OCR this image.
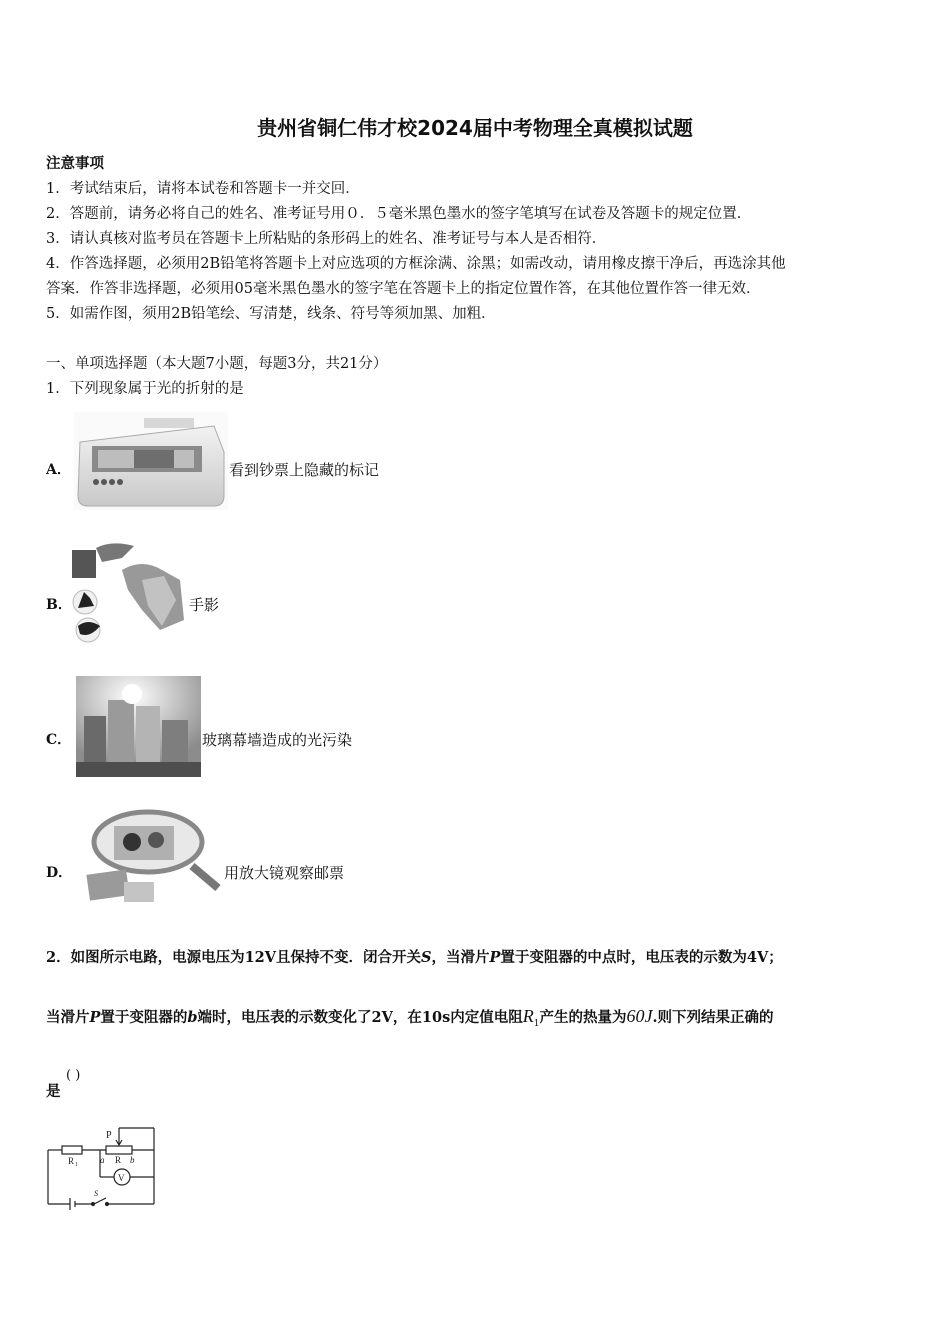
贵州省铜仁伟才校2024届中考物理全真模拟试题
注意事项
1．考试结束后，请将本试卷和答题卡一并交回．
2．答题前，请务必将自己的姓名、准考证号用０．５毫米黑色墨水的签字笔填写在试卷及答题卡的规定位置．
3．请认真核对监考员在答题卡上所粘贴的条形码上的姓名、准考证号与本人是否相符．
4．作答选择题，必须用2B铅笔将答题卡上对应选项的方框涂满、涂黑；如需改动，请用橡皮擦干净后，再选涂其他
答案．作答非选择题，必须用05毫米黑色墨水的签字笔在答题卡上的指定位置作答，在其他位置作答一律无效．
5．如需作图，须用2B铅笔绘、写清楚，线条、符号等须加黑、加粗．
一、单项选择题（本大题7小题，每题3分，共21分）
1．下列现象属于光的折射的是
A．	看到钞票上隐藏的标记
B．	手影
C．	玻璃幕墙造成的光污染
D．	用放大镜观察邮票
2．如图所示电路，电源电压为12V且保持不变．闭合开关S，当滑片P置于变阻器的中点时，电压表的示数为4V；
当滑片P置于变阻器的b端时，电压表的示数变化了2V，在10s内定值电阻$R_1$产生的热量为60J.则下列结果正确的
是
( )
P
R 1 a R b
V
S
